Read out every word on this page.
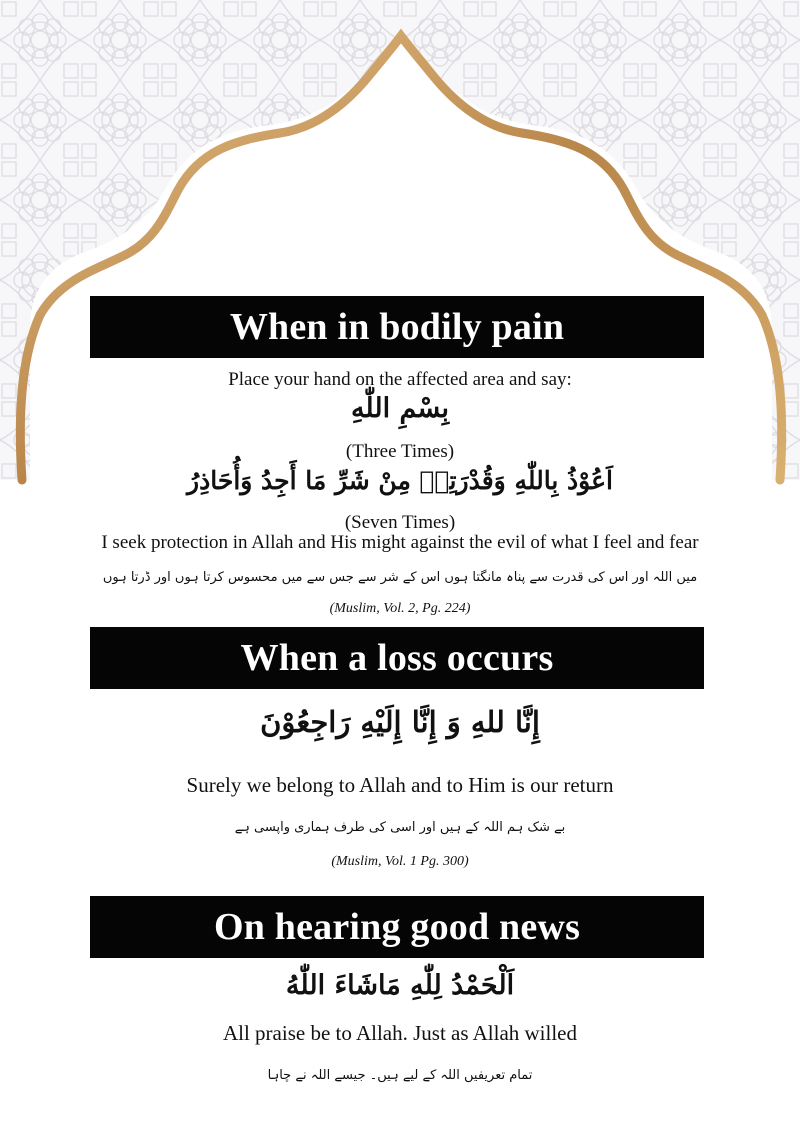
When in bodily pain
Place your hand on the affected area and say:
بِسْمِ اللّٰهِ
(Three Times)
اَعُوْذُ بِاللّٰهِ وَقُدْرَتِهٖ مِنْ شَرِّ مَا أَجِدُ وَأُحَاذِرُ
(Seven Times)
I seek protection in Allah and His might against the evil of what I feel and fear
میں اللہ اور اس کی قدرت سے پناہ مانگتا ہوں اس کے شر سے جس سے میں محسوس کرتا ہوں اور ڈرتا ہوں
(Muslim, Vol. 2, Pg. 224)
When a loss occurs
إِنَّا للهِ وَ إِنَّا إِلَيْهِ رَاجِعُوْنَ
Surely we belong to Allah and to Him is our return
بے شک ہم اللہ کے ہیں اور اسی کی طرف ہماری واپسی ہے
(Muslim, Vol. 1 Pg. 300)
On hearing good news
اَلْحَمْدُ لِلّٰهِ مَاشَاءَ اللّٰهُ
All praise be to Allah. Just as Allah willed
تمام تعریفیں اللہ کے لیے ہیں۔ جیسے اللہ نے چاہا
